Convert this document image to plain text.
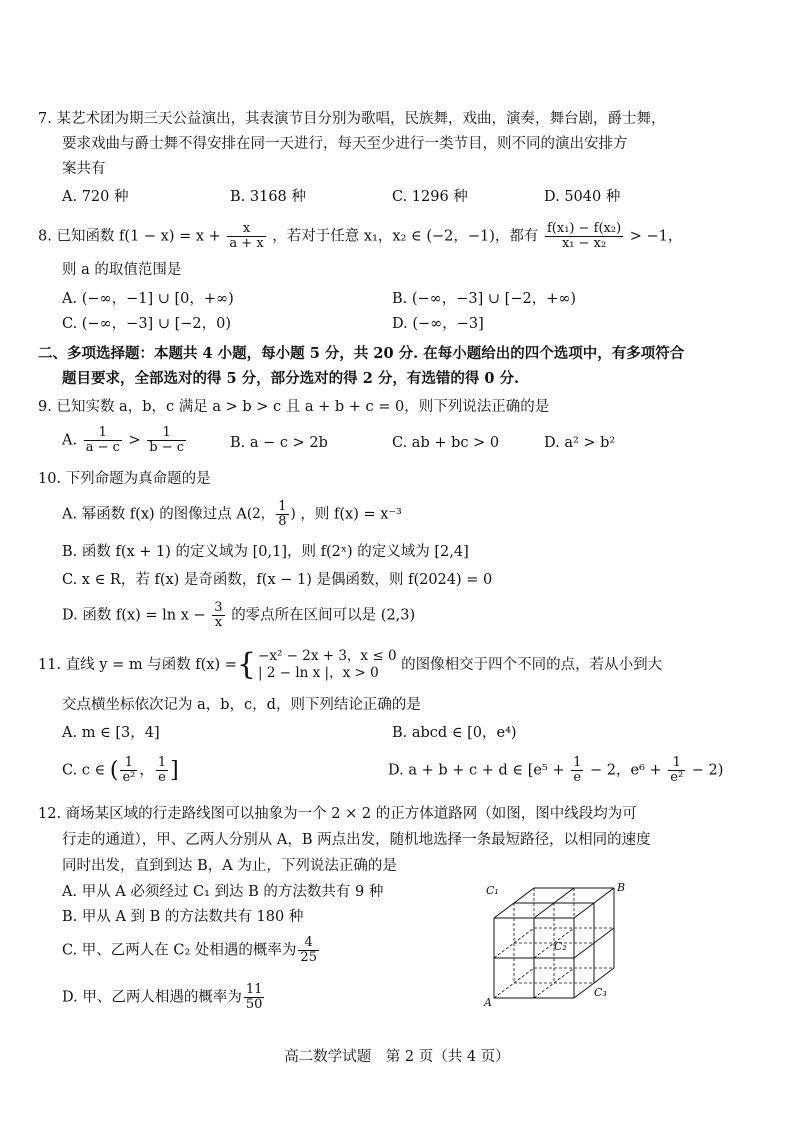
7. 某艺术团为期三天公益演出，其表演节目分别为歌唱，民族舞，戏曲，演奏，舞台剧，爵士舞，
要求戏曲与爵士舞不得安排在同一天进行，每天至少进行一类节目，则不同的演出安排方
案共有
A. 720 种	B. 3168 种	C. 1296 种	D. 5040 种
8. 已知函数 $f(1 - x) = x + \frac{x}{a + x}$ ，若对于任意 x₁，x₂ ∈ (−2，−1)，都有 $\frac{\text{f(x₁) − f(x₂)}}{\text{x₁ − x₂}} > -1$，
则 a 的取值范围是
A. (−∞，−1] ∪ [0，+∞)	B. (−∞，−3] ∪ [−2，+∞)
C. (−∞，−3] ∪ [−2，0)	D. (−∞，−3]
二、多项选择题：本题共 4 小题，每小题 5 分，共 20 分. 在每小题给出的四个选项中，有多项符合
题目要求，全部选对的得 5 分，部分选对的得 2 分，有选错的得 0 分.
9. 已知实数 a，b，c 满足 a > b > c 且 a + b + c = 0，则下列说法正确的是
A. $\frac{1}{a - c} > \frac{1}{b - c}$	B. a − c > 2b	C. ab + bc > 0	D. a² > b²
10. 下列命题为真命题的是
A. 幂函数 f(x) 的图像过点 A(2， $\frac{1}{8}$ ) ，则 f(x) = x⁻³
B. 函数 f(x + 1) 的定义域为 [0,1]，则 f(2ˣ) 的定义域为 [2,4]
C. x ∈ R，若 f(x) 是奇函数，f(x − 1) 是偶函数，则 f(2024) = 0
D. 函数 $f(x) = \ln x - \frac{3}{x}$ 的零点所在区间可以是 (2,3)
11. 直线 y = m 与函数 f(x) ={ −x² − 2x + 3，x ≤ 0
| 2 − ln x |，x > 0	的图像相交于四个不同的点，若从小到大
交点横坐标依次记为 a，b，c，d，则下列结论正确的是
A. m ∈ [3，4]	B. abcd ∈ [0，e⁴)
C. c ∈ ( $\frac{1}{\text{e²}}$ ， $\frac{1}{e}$ ]	D. a + b + c + d ∈ [$e^5 + \frac{1}{e} - 2$，$e^6 + \frac{1}{\text{e²}} - 2$)
12. 商场某区域的行走路线图可以抽象为一个 2 × 2 的正方体道路网（如图，图中线段均为可
行走的通道），甲、乙两人分别从 A，B 两点出发，随机地选择一条最短路径，以相同的速度
同时出发，直到到达 B，A 为止，下列说法正确的是
A. 甲从 A 必须经过 C₁ 到达 B 的方法数共有 9 种
B. 甲从 A 到 B 的方法数共有 180 种
C. 甲、乙两人在 C₂ 处相遇的概率为 $\frac{4}{25}$
D. 甲、乙两人相遇的概率为 $\frac{11}{50}$
C₁	B
C₂
A
C₃
高二数学试题　第 2 页（共 4 页）
